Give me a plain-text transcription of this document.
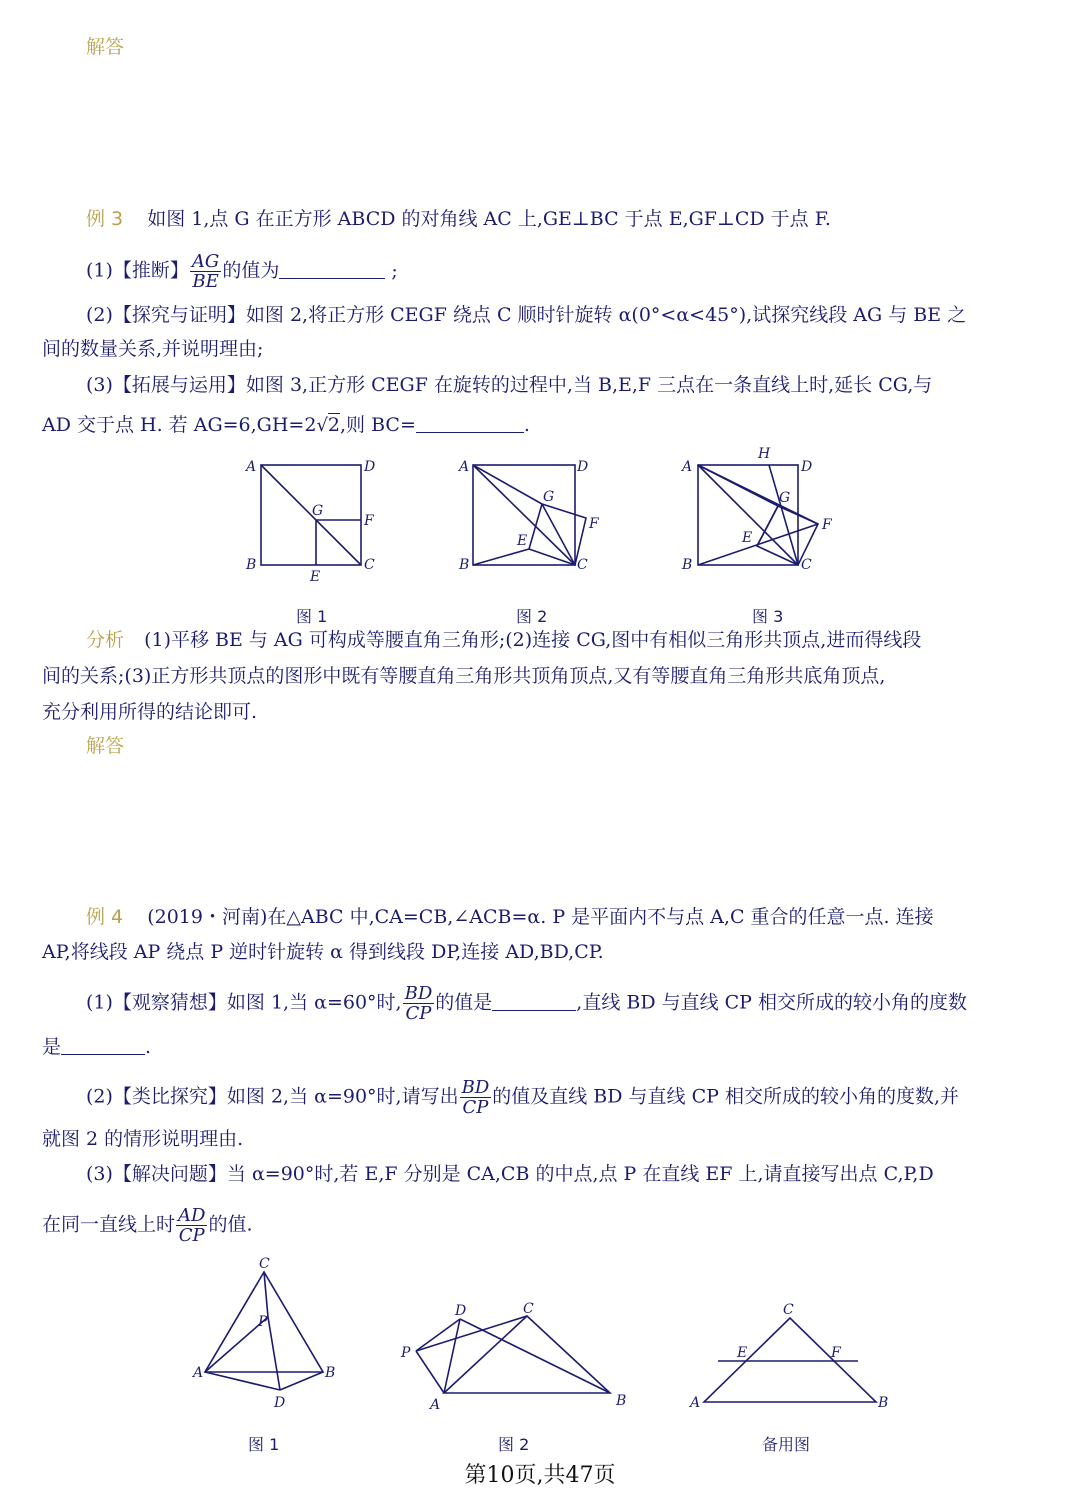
解答
例 3 如图 1,点 G 在正方形 ABCD 的对角线 AC 上,GE⊥BC 于点 E,GF⊥CD 于点 F.
(1)【推断】 $\frac{AG}{BE}$ 的值为	;
(2)【探究与证明】如图 2,将正方形 CEGF 绕点 C 顺时针旋转 α(0°<α<45°),试探究线段 AG 与 BE 之
间的数量关系,并说明理由;
(3)【拓展与运用】如图 3,正方形 CEGF 在旋转的过程中,当 B,E,F 三点在一条直线上时,延长 CG,与
AD 交于点 H. 若 AG=6,GH=2√2,则 BC=	.
A	D
G
F
B
E
C
图 1
A	D
G
F
E
B	C
图 2
A
H
D
G
F
E
B	C
图 3
分析 (1)平移 BE 与 AG 可构成等腰直角三角形;(2)连接 CG,图中有相似三角形共顶点,进而得线段
间的关系;(3)正方形共顶点的图形中既有等腰直角三角形共顶角顶点,又有等腰直角三角形共底角顶点,
充分利用所得的结论即可.
解答
例 4 (2019・河南)在△ABC 中,CA=CB,∠ACB=α. P 是平面内不与点 A,C 重合的任意一点. 连接
AP,将线段 AP 绕点 P 逆时针旋转 α 得到线段 DP,连接 AD,BD,CP.
(1)【观察猜想】如图 1,当 α=60°时, $\frac{BD}{CP}$ 的值是	,直线 BD 与直线 CP 相交所成的较小角的度数
是	.
(2)【类比探究】如图 2,当 α=90°时,请写出 $\frac{BD}{CP}$ 的值及直线 BD 与直线 CP 相交所成的较小角的度数,并
就图 2 的情形说明理由.
(3)【解决问题】当 α=90°时,若 E,F 分别是 CA,CB 的中点,点 P 在直线 EF 上,请直接写出点 C,P,D
在同一直线上时 $\frac{AD}{CP}$ 的值.
C
P
A	B
D
图 1
D	C
P
A	B
图 2
C
E	F
A	B
备用图
第10页,共47页
